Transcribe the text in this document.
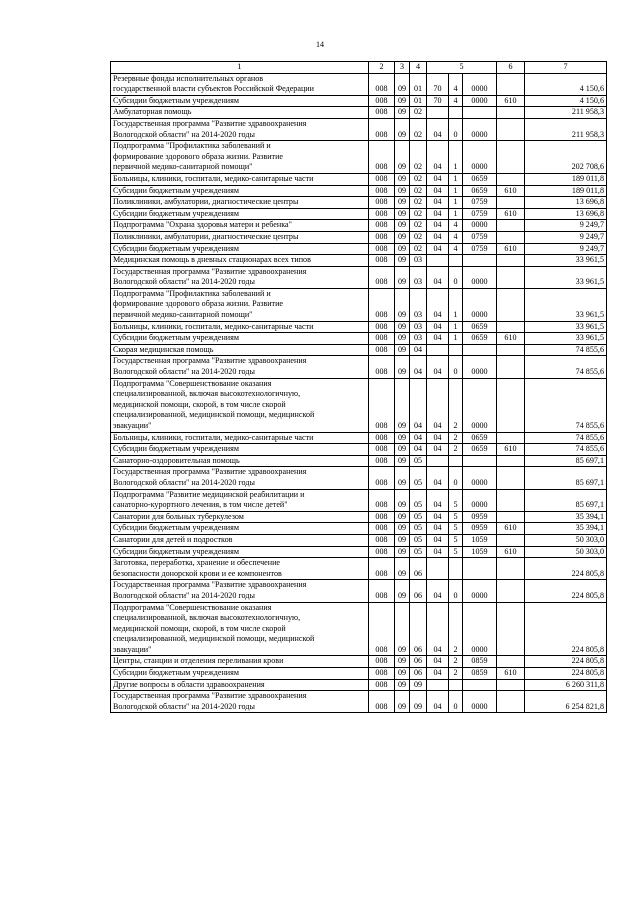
14
1	2	3	4	5			6	7
Резервные фонды исполнительных органов
государственной власти субъектов Российской Федерации	008	09	01	70	4	0000		4 150,6
Субсидии бюджетным учреждениям	008	09	01	70	4	0000	610	4 150,6
Амбулаторная помощь	008	09	02					211 958,3
Государственная программа "Развитие здравоохранения
Вологодской области" на 2014-2020 годы	008	09	02	04	0	0000		211 958,3
Подпрограмма "Профилактика заболеваний и
формирование здорового образа жизни. Развитие
первичной медико-санитарной помощи"	008	09	02	04	1	0000		202 708,6
Больницы, клиники, госпитали, медико-санитарные части	008	09	02	04	1	0659		189 011,8
Субсидии бюджетным учреждениям	008	09	02	04	1	0659	610	189 011,8
Поликлиники, амбулатории, диагностические центры	008	09	02	04	1	0759		13 696,8
Субсидии бюджетным учреждениям	008	09	02	04	1	0759	610	13 696,8
Подпрограмма "Охрана здоровья матери и ребенка"	008	09	02	04	4	0000		9 249,7
Поликлиники, амбулатории, диагностические центры	008	09	02	04	4	0759		9 249,7
Субсидии бюджетным учреждениям	008	09	02	04	4	0759	610	9 249,7
Медицинская помощь в дневных стационарах всех типов	008	09	03					33 961,5
Государственная программа "Развитие здравоохранения
Вологодской области" на 2014-2020 годы	008	09	03	04	0	0000		33 961,5
Подпрограмма "Профилактика заболеваний и
формирование здорового образа жизни. Развитие
первичной медико-санитарной помощи"	008	09	03	04	1	0000		33 961,5
Больницы, клиники, госпитали, медико-санитарные части	008	09	03	04	1	0659		33 961,5
Субсидии бюджетным учреждениям	008	09	03	04	1	0659	610	33 961,5
Скорая медицинская помощь	008	09	04					74 855,6
Государственная программа "Развитие здравоохранения
Вологодской области" на 2014-2020 годы	008	09	04	04	0	0000		74 855,6
Подпрограмма "Совершенствование оказания
специализированной, включая высокотехнологичную,
медицинской помощи, скорой, в том числе скорой
специализированной, медицинской помощи, медицинской
эвакуации"	008	09	04	04	2	0000		74 855,6
Больницы, клиники, госпитали, медико-санитарные части	008	09	04	04	2	0659		74 855,6
Субсидии бюджетным учреждениям	008	09	04	04	2	0659	610	74 855,6
Санаторно-оздоровительная помощь	008	09	05					85 697,1
Государственная программа "Развитие здравоохранения
Вологодской области" на 2014-2020 годы	008	09	05	04	0	0000		85 697,1
Подпрограмма "Развитие медицинской реабилитации и
санаторно-курортного лечения, в том числе детей"	008	09	05	04	5	0000		85 697,1
Санатории для больных туберкулезом	008	09	05	04	5	0959		35 394,1
Субсидии бюджетным учреждениям	008	09	05	04	5	0959	610	35 394,1
Санатории для детей и подростков	008	09	05	04	5	1059		50 303,0
Субсидии бюджетным учреждениям	008	09	05	04	5	1059	610	50 303,0
Заготовка, переработка, хранение и обеспечение
безопасности донорской крови и ее компонентов	008	09	06					224 805,8
Государственная программа "Развитие здравоохранения
Вологодской области" на 2014-2020 годы	008	09	06	04	0	0000		224 805,8
Подпрограмма "Совершенствование оказания
специализированной, включая высокотехнологичную,
медицинской помощи, скорой, в том числе скорой
специализированной, медицинской помощи, медицинской
эвакуации"	008	09	06	04	2	0000		224 805,8
Центры, станции и отделения переливания крови	008	09	06	04	2	0859		224 805,8
Субсидии бюджетным учреждениям	008	09	06	04	2	0859	610	224 805,8
Другие вопросы в области здравоохранения	008	09	09					6 260 311,8
Государственная программа "Развитие здравоохранения
Вологодской области" на 2014-2020 годы	008	09	09	04	0	0000		6 254 821,8
